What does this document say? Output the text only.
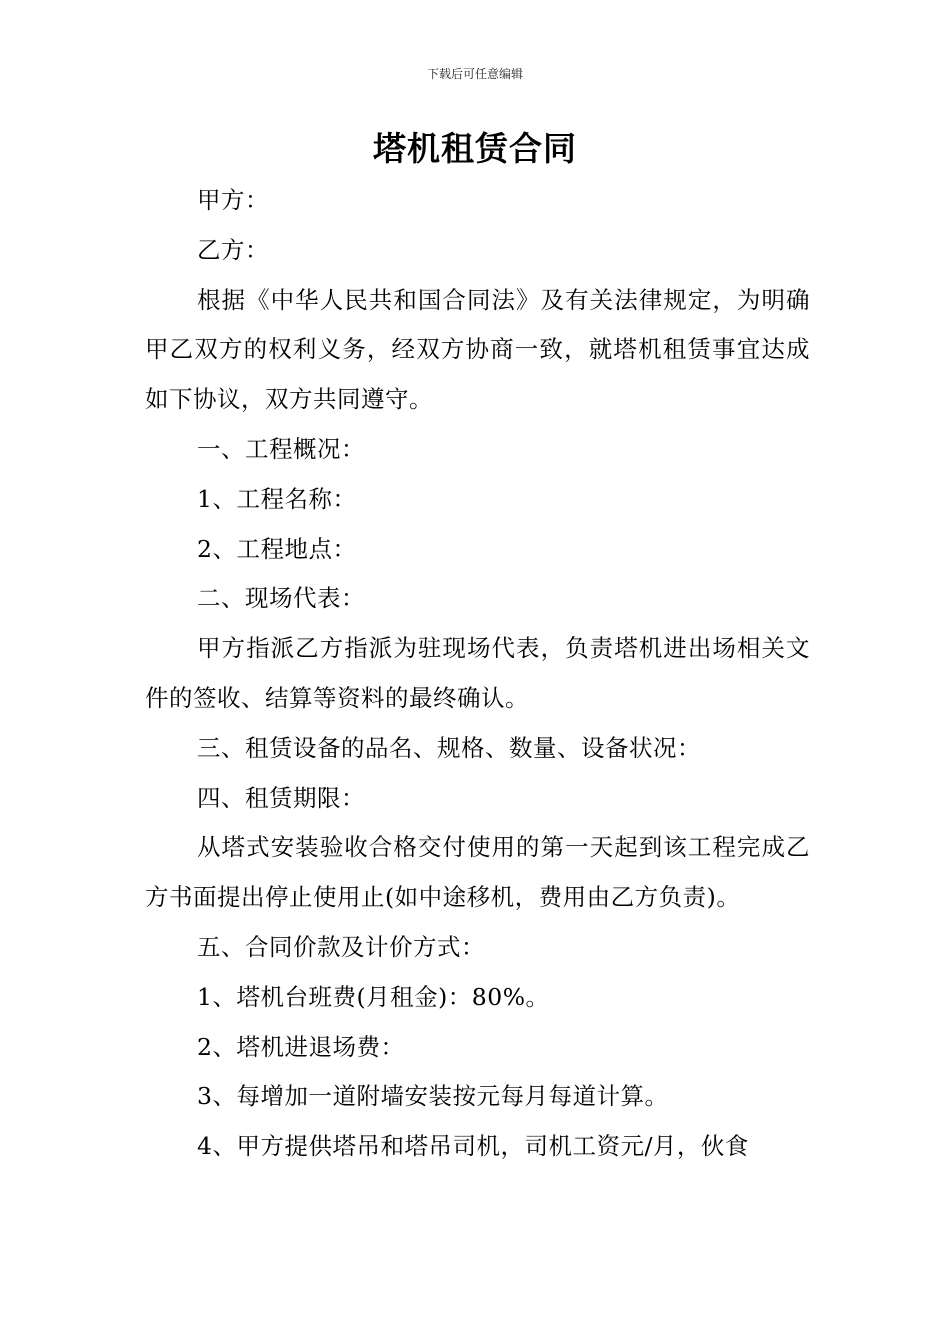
下载后可任意编辑
塔机租赁合同

甲方：

乙方：

根据《中华人民共和国合同法》及有关法律规定，为明确甲乙双方的权利义务，经双方协商一致，就塔机租赁事宜达成如下协议，双方共同遵守。

一、工程概况：

1、工程名称：

2、工程地点：

二、现场代表：

甲方指派乙方指派为驻现场代表，负责塔机进出场相关文件的签收、结算等资料的最终确认。

三、租赁设备的品名、规格、数量、设备状况：

四、租赁期限：

从塔式安装验收合格交付使用的第一天起到该工程完成乙方书面提出停止使用止(如中途移机，费用由乙方负责)。

五、合同价款及计价方式：

1、塔机台班费(月租金)：80%。

2、塔机进退场费：

3、每增加一道附墙安装按元每月每道计算。

4、甲方提供塔吊和塔吊司机，司机工资元/月，伙食
